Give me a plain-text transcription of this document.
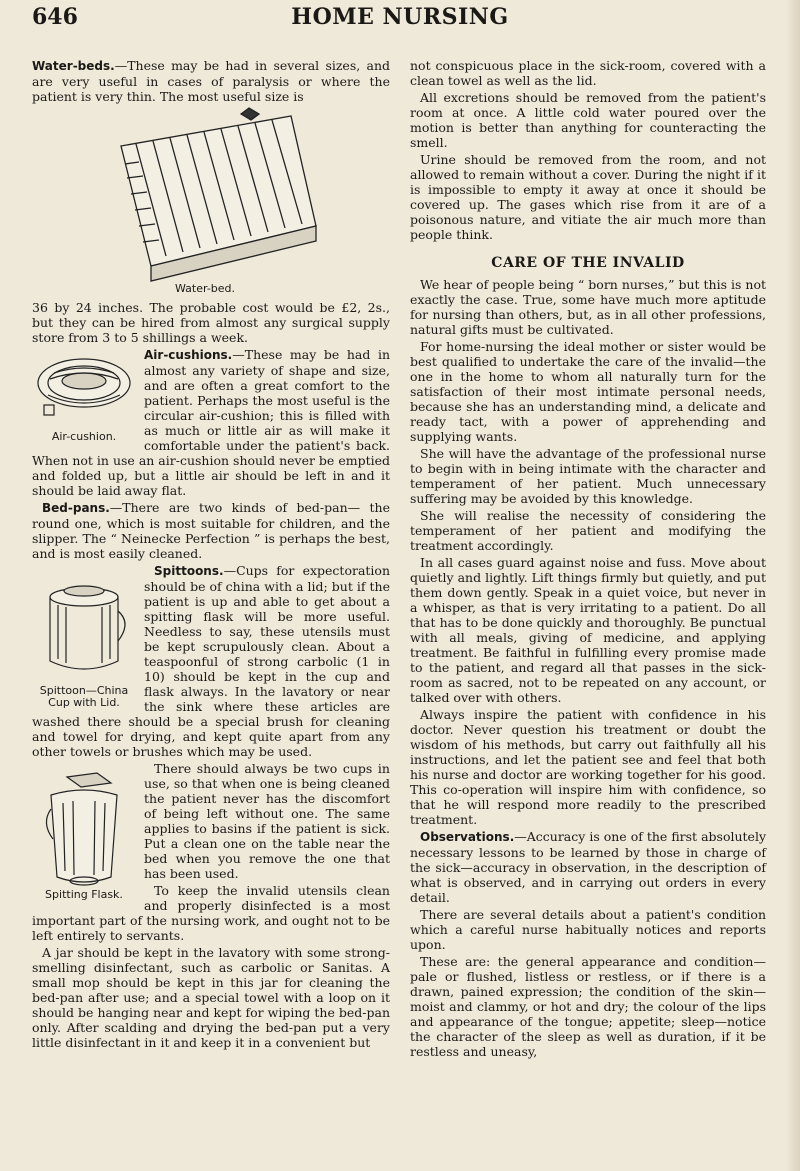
646	HOME NURSING

Water-beds.—These may be had in several sizes, and are very useful in cases of paralysis or where the patient is very thin. The most useful size is

Water-bed.

36 by 24 inches. The probable cost would be £2, 2s., but they can be hired from almost any surgical supply store from 3 to 5 shillings a week.

Air-cushion.

Air-cushions.—These may be had in almost any variety of shape and size, and are often a great comfort to the patient. Perhaps the most useful is the circular air-cushion; this is filled with as much or little air as will make it comfortable under the patient's back. When not in use an air-cushion should never be emptied and folded up, but a little air should be left in and it should be laid away flat.

Bed-pans.—There are two kinds of bed-pan— the round one, which is most suitable for children, and the slipper. The “ Neinecke Perfection ” is perhaps the best, and is most easily cleaned.

Spittoon—China Cup with Lid.

Spittoons.—Cups for expectoration should be of china with a lid; but if the patient is up and able to get about a spitting flask will be more useful. Needless to say, these utensils must be kept scrupulously clean. About a teaspoonful of strong carbolic (1 in 10) should be kept in the cup and flask always. In the lavatory or near the sink where these articles are washed there should be a special brush for cleaning and towel for drying, and kept quite apart from any other towels or brushes which may be used.

Spitting Flask.

There should always be two cups in use, so that when one is being cleaned the patient never has the discomfort of being left without one. The same applies to basins if the patient is sick. Put a clean one on the table near the bed when you remove the one that has been used.

To keep the invalid utensils clean and properly disinfected is a most important part of the nursing work, and ought not to be left entirely to servants.

A jar should be kept in the lavatory with some strong-smelling disinfectant, such as carbolic or Sanitas. A small mop should be kept in this jar for cleaning the bed-pan after use; and a special towel with a loop on it should be hanging near and kept for wiping the bed-pan only. After scalding and drying the bed-pan put a very little disinfectant in it and keep it in a convenient but

not conspicuous place in the sick-room, covered with a clean towel as well as the lid.

All excretions should be removed from the patient's room at once. A little cold water poured over the motion is better than anything for counteracting the smell.

Urine should be removed from the room, and not allowed to remain without a cover. During the night if it is impossible to empty it away at once it should be covered up. The gases which rise from it are of a poisonous nature, and vitiate the air much more than people think.

CARE OF THE INVALID

We hear of people being “ born nurses,” but this is not exactly the case. True, some have much more aptitude for nursing than others, but, as in all other professions, natural gifts must be cultivated.

For home-nursing the ideal mother or sister would be best qualified to undertake the care of the invalid—the one in the home to whom all naturally turn for the satisfaction of their most intimate personal needs, because she has an understanding mind, a delicate and ready tact, with a power of apprehending and supplying wants.

She will have the advantage of the professional nurse to begin with in being intimate with the character and temperament of her patient. Much unnecessary suffering may be avoided by this knowledge.

She will realise the necessity of considering the temperament of her patient and modifying the treatment accordingly.

In all cases guard against noise and fuss. Move about quietly and lightly. Lift things firmly but quietly, and put them down gently. Speak in a quiet voice, but never in a whisper, as that is very irritating to a patient. Do all that has to be done quickly and thoroughly. Be punctual with all meals, giving of medicine, and applying treatment. Be faithful in fulfilling every promise made to the patient, and regard all that passes in the sick-room as sacred, not to be repeated on any account, or talked over with others.

Always inspire the patient with confidence in his doctor. Never question his treatment or doubt the wisdom of his methods, but carry out faithfully all his instructions, and let the patient see and feel that both his nurse and doctor are working together for his good. This co-operation will inspire him with confidence, so that he will respond more readily to the prescribed treatment.

Observations.—Accuracy is one of the first absolutely necessary lessons to be learned by those in charge of the sick—accuracy in observation, in the description of what is observed, and in carrying out orders in every detail.

There are several details about a patient's condition which a careful nurse habitually notices and reports upon.

These are: the general appearance and condition—pale or flushed, listless or restless, or if there is a drawn, pained expression; the condition of the skin—moist and clammy, or hot and dry; the colour of the lips and appearance of the tongue; appetite; sleep—notice the character of the sleep as well as duration, if it be restless and uneasy,
